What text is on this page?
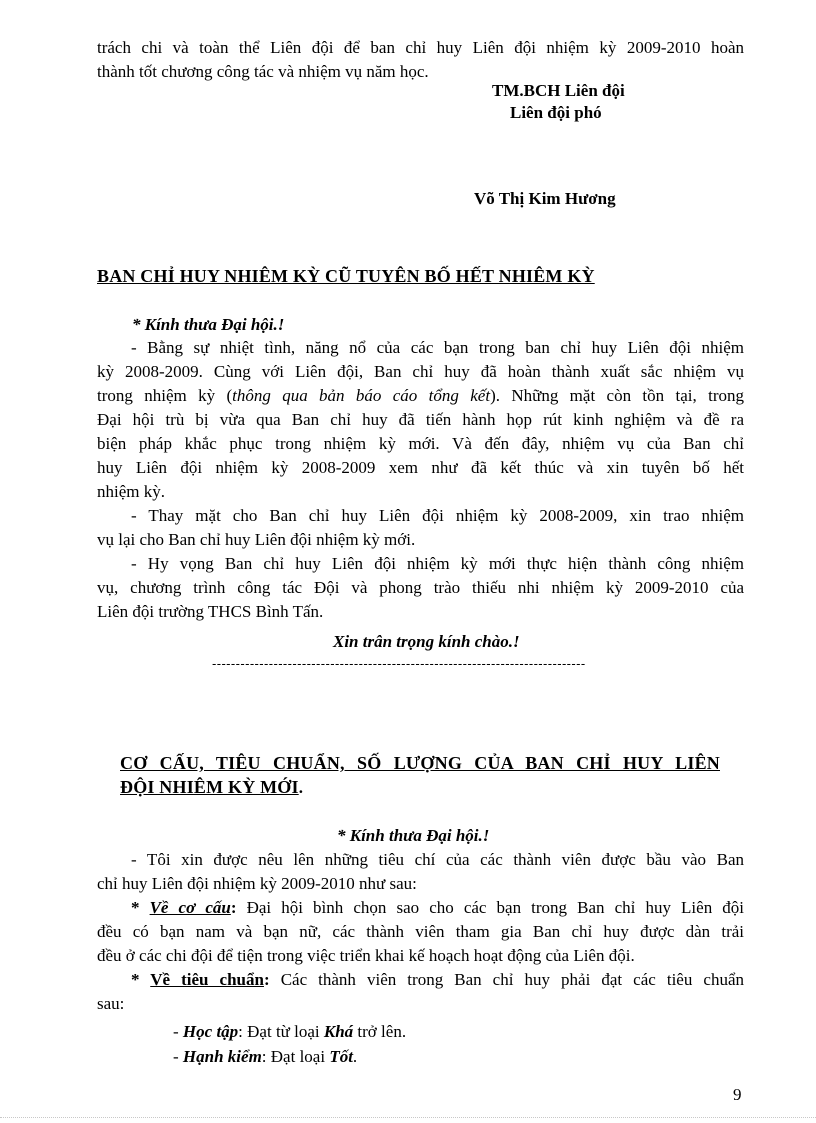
trách chi và toàn thể Liên đội để ban chỉ huy Liên đội nhiệm kỳ 2009-2010 hoàn
thành tốt chương công tác và nhiệm vụ năm học.
TM.BCH Liên đội
Liên đội phó
Võ Thị Kim Hương
BAN CHỈ HUY NHIÊM KỲ CŨ TUYÊN BỐ HẾT NHIÊM KỲ
* Kính thưa Đại hội.!
- Bằng sự nhiệt tình, năng nổ của các bạn trong ban chỉ huy Liên đội nhiệm
kỳ 2008-2009. Cùng với Liên đội, Ban chỉ huy đã hoàn thành xuất sắc nhiệm vụ
trong nhiệm kỳ (thông qua bản báo cáo tổng kết). Những mặt còn tồn tại, trong
Đại hội trù bị vừa qua Ban chỉ huy đã tiến hành họp rút kinh nghiệm và đề ra
biện pháp khắc phục trong nhiệm kỳ mới. Và đến đây, nhiệm vụ của Ban chỉ
huy Liên đội nhiệm kỳ 2008-2009 xem như đã kết thúc và xin tuyên bố hết
nhiệm kỳ.
- Thay mặt cho Ban chỉ huy Liên đội nhiệm kỳ 2008-2009, xin trao nhiệm
vụ lại cho Ban chỉ huy Liên đội nhiệm kỳ mới.
- Hy vọng Ban chỉ huy Liên đội nhiệm kỳ mới thực hiện thành công nhiệm
vụ, chương trình công tác Đội và phong trào thiếu nhi nhiệm kỳ 2009-2010 của
Liên đội trường THCS Bình Tấn.
Xin trân trọng kính chào.!
-------------------------------------------------------------------------------
CƠ CẤU, TIÊU CHUẨN, SỐ LƯỢNG CỦA BAN CHỈ HUY LIÊN
ĐỘI NHIÊM KỲ MỚI.
* Kính thưa Đại hội.!
- Tôi xin được nêu lên những tiêu chí của các thành viên được bầu vào Ban
chỉ huy Liên đội nhiệm kỳ 2009-2010 như sau:
* Về cơ cấu: Đại hội bình chọn sao cho các bạn trong Ban chỉ huy Liên đội
đều có bạn nam và bạn nữ, các thành viên tham gia Ban chỉ huy được dàn trải
đều ở các chi đội để tiện trong việc triển khai kế hoạch hoạt động của Liên đội.
* Về tiêu chuẩn: Các thành viên trong Ban chỉ huy phải đạt các tiêu chuẩn
sau:
- Học tập: Đạt từ loại Khá trở lên.
- Hạnh kiểm: Đạt loại Tốt.
9
